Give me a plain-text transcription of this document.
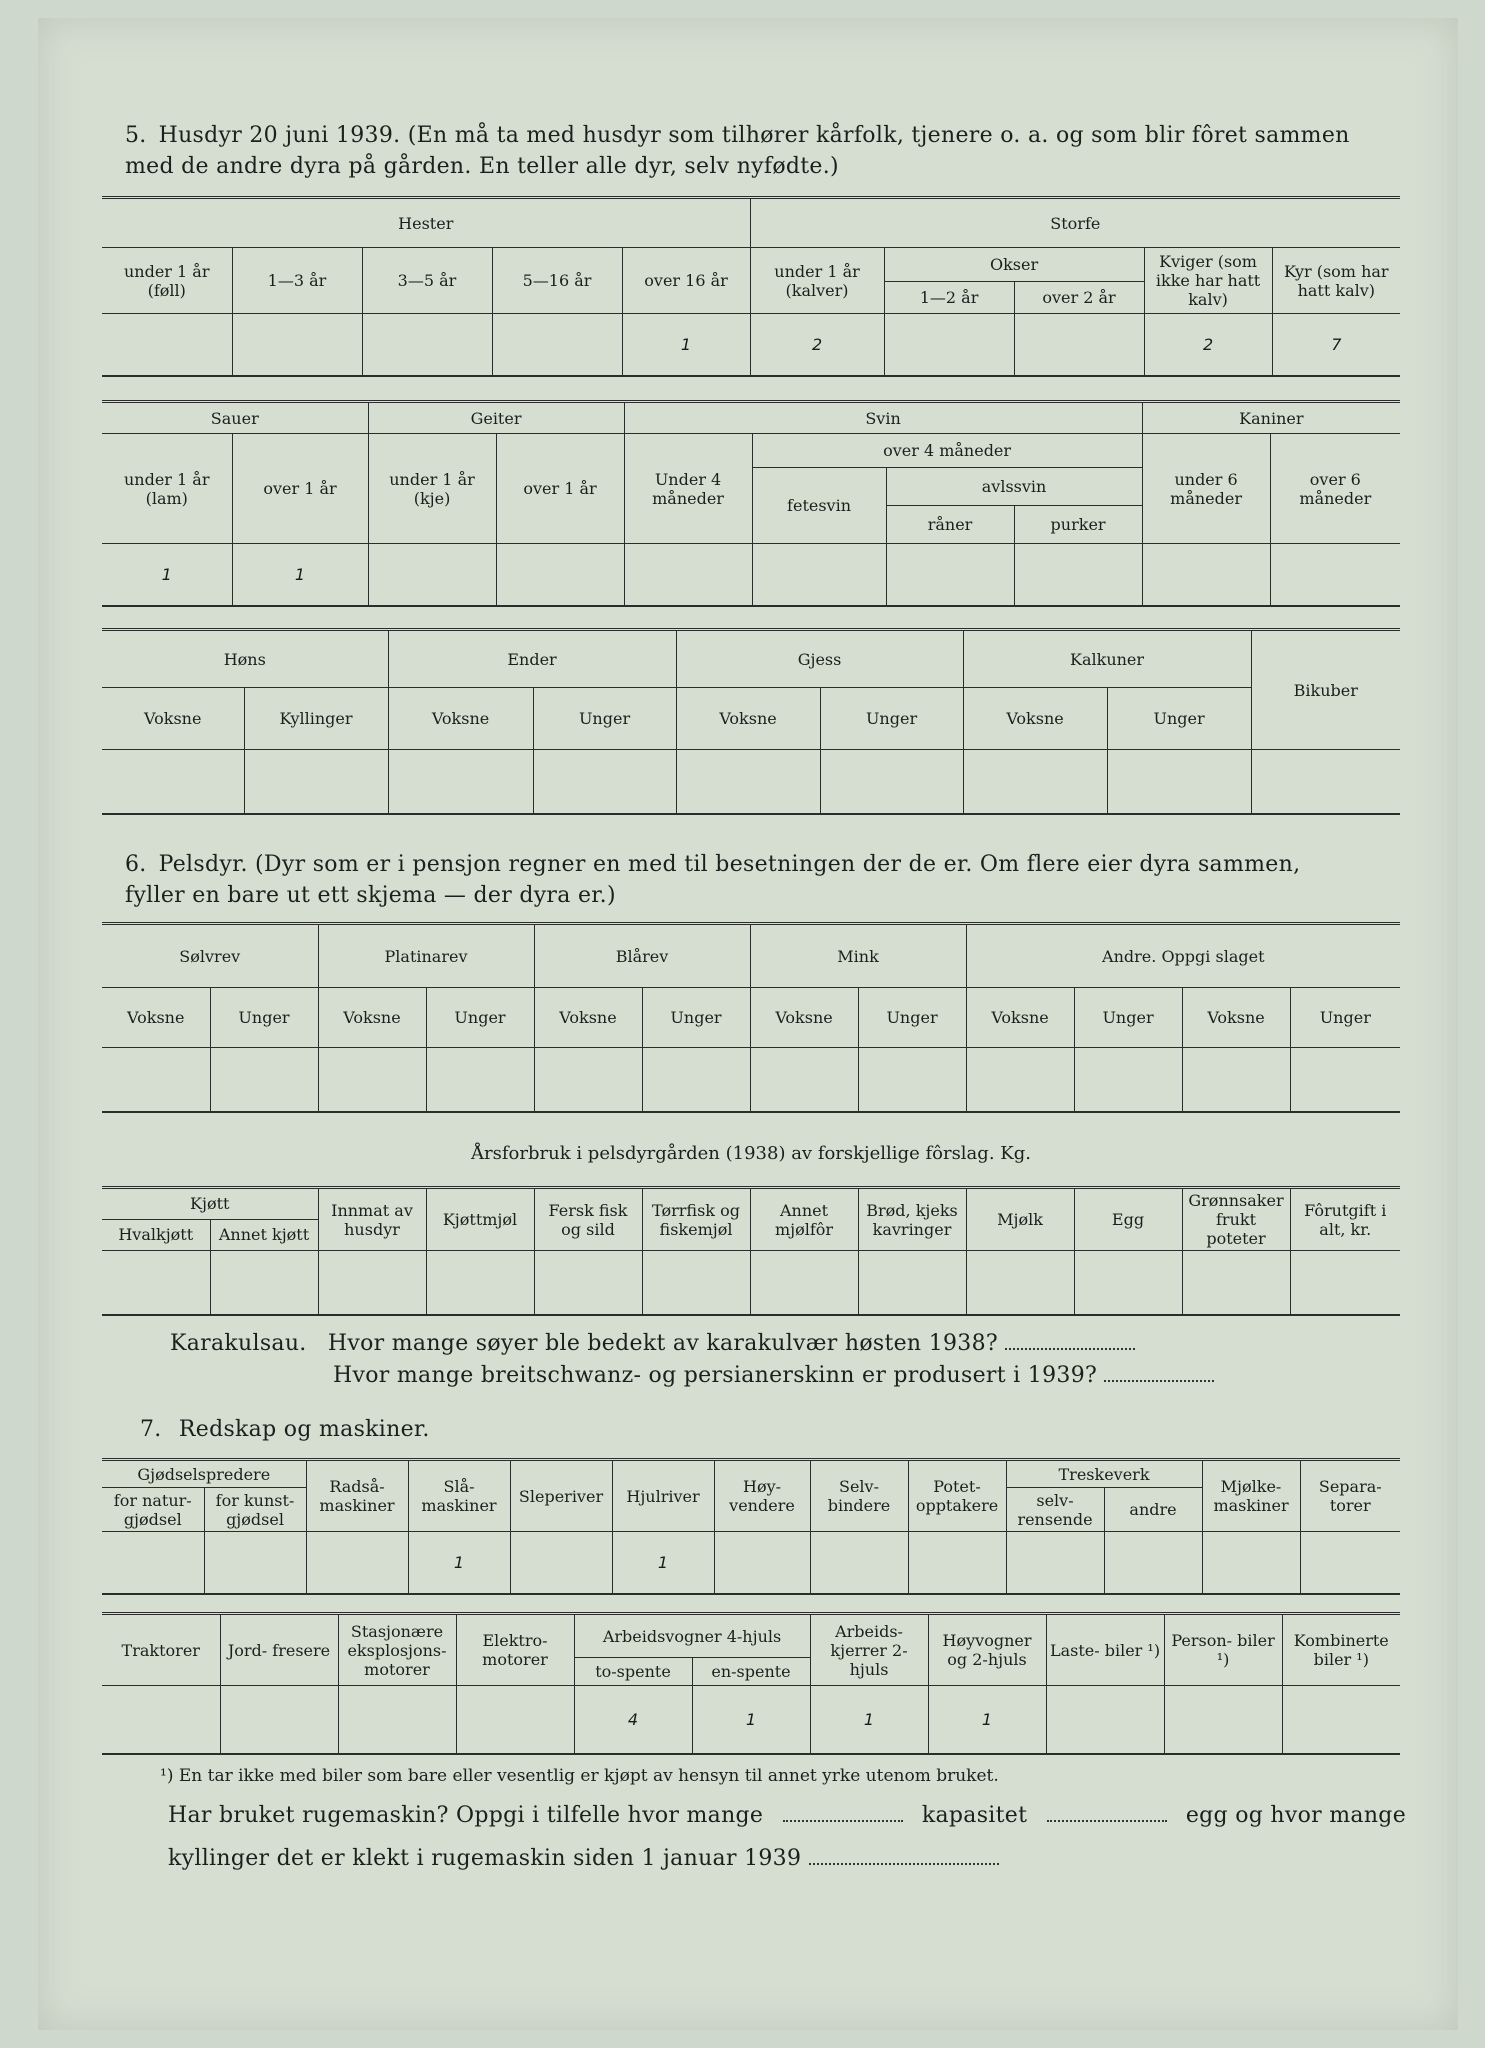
5. Husdyr 20 juni 1939. (En må ta med husdyr som tilhører kårfolk, tjenere o. a. og som blir fôret sammen
med de andre dyra på gården. En teller alle dyr, selv nyfødte.)
Hester					Storfe				
under 1 år (føll)	1—3 år	3—5 år	5—16 år	over 16 år	under 1 år (kalver)	Okser		Kviger (som ikke har hatt kalv)	Kyr (som har hatt kalv)
						1—2 år	over 2 år		
				1	2			2	7
Sauer		Geiter		Svin				Kaniner	
under 1 år (lam)	over 1 år	under 1 år (kje)	over 1 år	Under 4 måneder	over 4 måneder			under 6 måneder	over 6 måneder
					fetesvin	avlssvin			
						råner	purker		
1	1								
Høns		Ender		Gjess		Kalkuner		Bikuber
Voksne	Kyllinger	Voksne	Unger	Voksne	Unger	Voksne	Unger	

6. Pelsdyr. (Dyr som er i pensjon regner en med til besetningen der de er. Om flere eier dyra sammen,
fyller en bare ut ett skjema — der dyra er.)
Sølvrev		Platinarev		Blårev		Mink		Andre. Oppgi slaget			
Voksne	Unger	Voksne	Unger	Voksne	Unger	Voksne	Unger	Voksne	Unger	Voksne	Unger

Årsforbruk i pelsdyrgården (1938) av forskjellige fôrslag. Kg.
Kjøtt		Innmat av husdyr	Kjøttmjøl	Fersk fisk og sild	Tørrfisk og fiskemjøl	Annet mjølfôr	Brød, kjeks kavringer	Mjølk	Egg	Grønnsaker frukt poteter	Fôrutgift i alt, kr.
Hvalkjøtt	Annet kjøtt										

Karakulsau. Hvor mange søyer ble bedekt av karakulvær høsten 1938?
Hvor mange breitschwanz- og persianerskinn er produsert i 1939?
7. Redskap og maskiner.
Gjødselspredere		Radså- maskiner	Slå- maskiner	Sleperiver	Hjulriver	Høy- vendere	Selv- bindere	Potet- opptakere	Treskeverk		Mjølke- maskiner	Separa- torer
for natur- gjødsel	for kunst- gjødsel								selv- rensende	andre		
			1		1							
Traktorer	Jord- fresere	Stasjonære eksplosjons- motorer	Elektro- motorer	Arbeidsvogner 4-hjuls		Arbeids- kjerrer 2-hjuls	Høyvogner og 2-hjuls	Laste- biler ¹)	Person- biler ¹)	Kombinerte biler ¹)
				to-spente	en-spente					
				4	1	1	1			
¹) En tar ikke med biler som bare eller vesentlig er kjøpt av hensyn til annet yrke utenom bruket.
Har bruket rugemaskin? Oppgi i tilfelle hvor mange	kapasitet	egg og hvor mange
kyllinger det er klekt i rugemaskin siden 1 januar 1939
